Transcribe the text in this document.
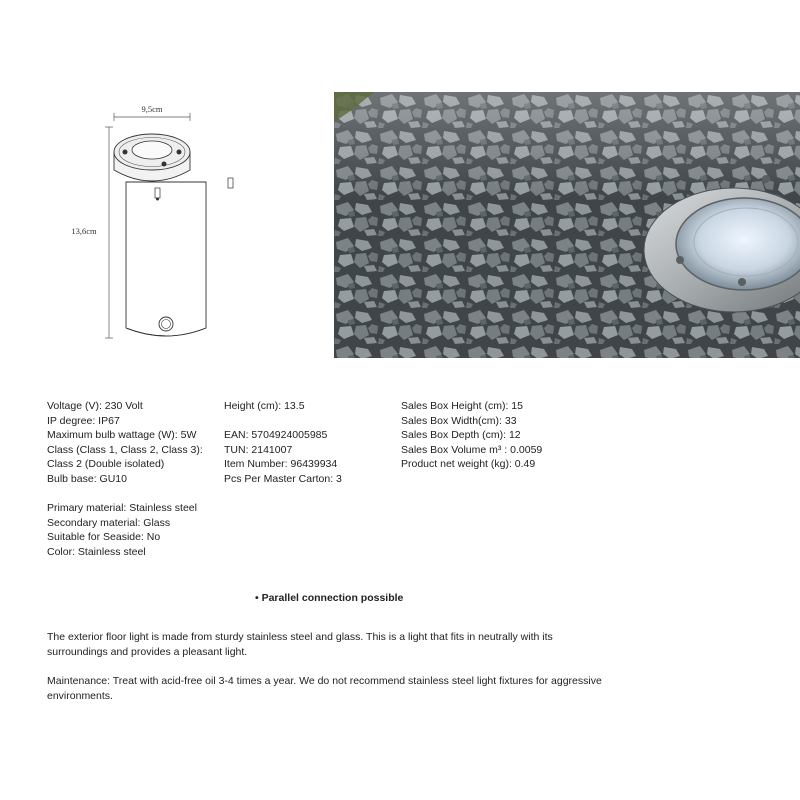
9,5cm
13,6cm

Voltage (V): 230 Volt

IP degree: IP67

Maximum bulb wattage (W): 5W

Class (Class 1, Class 2, Class 3):

Class 2 (Double isolated)

Bulb base: GU10

Primary material: Stainless steel

Secondary material: Glass

Suitable for Seaside: No

Color: Stainless steel

Height (cm): 13.5

EAN: 5704924005985

TUN: 2141007

Item Number: 96439934

Pcs Per Master Carton: 3

Sales Box Height (cm): 15

Sales Box Width(cm): 33

Sales Box Depth (cm): 12

Sales Box Volume m³ : 0.0059

Product net weight (kg): 0.49

• Parallel connection possible

The exterior floor light is made from sturdy stainless steel and glass. This is a light that fits in neutrally with its surroundings and provides a pleasant light.

Maintenance: Treat with acid-free oil 3-4 times a year. We do not recommend stainless steel light fixtures for aggressive environments.
